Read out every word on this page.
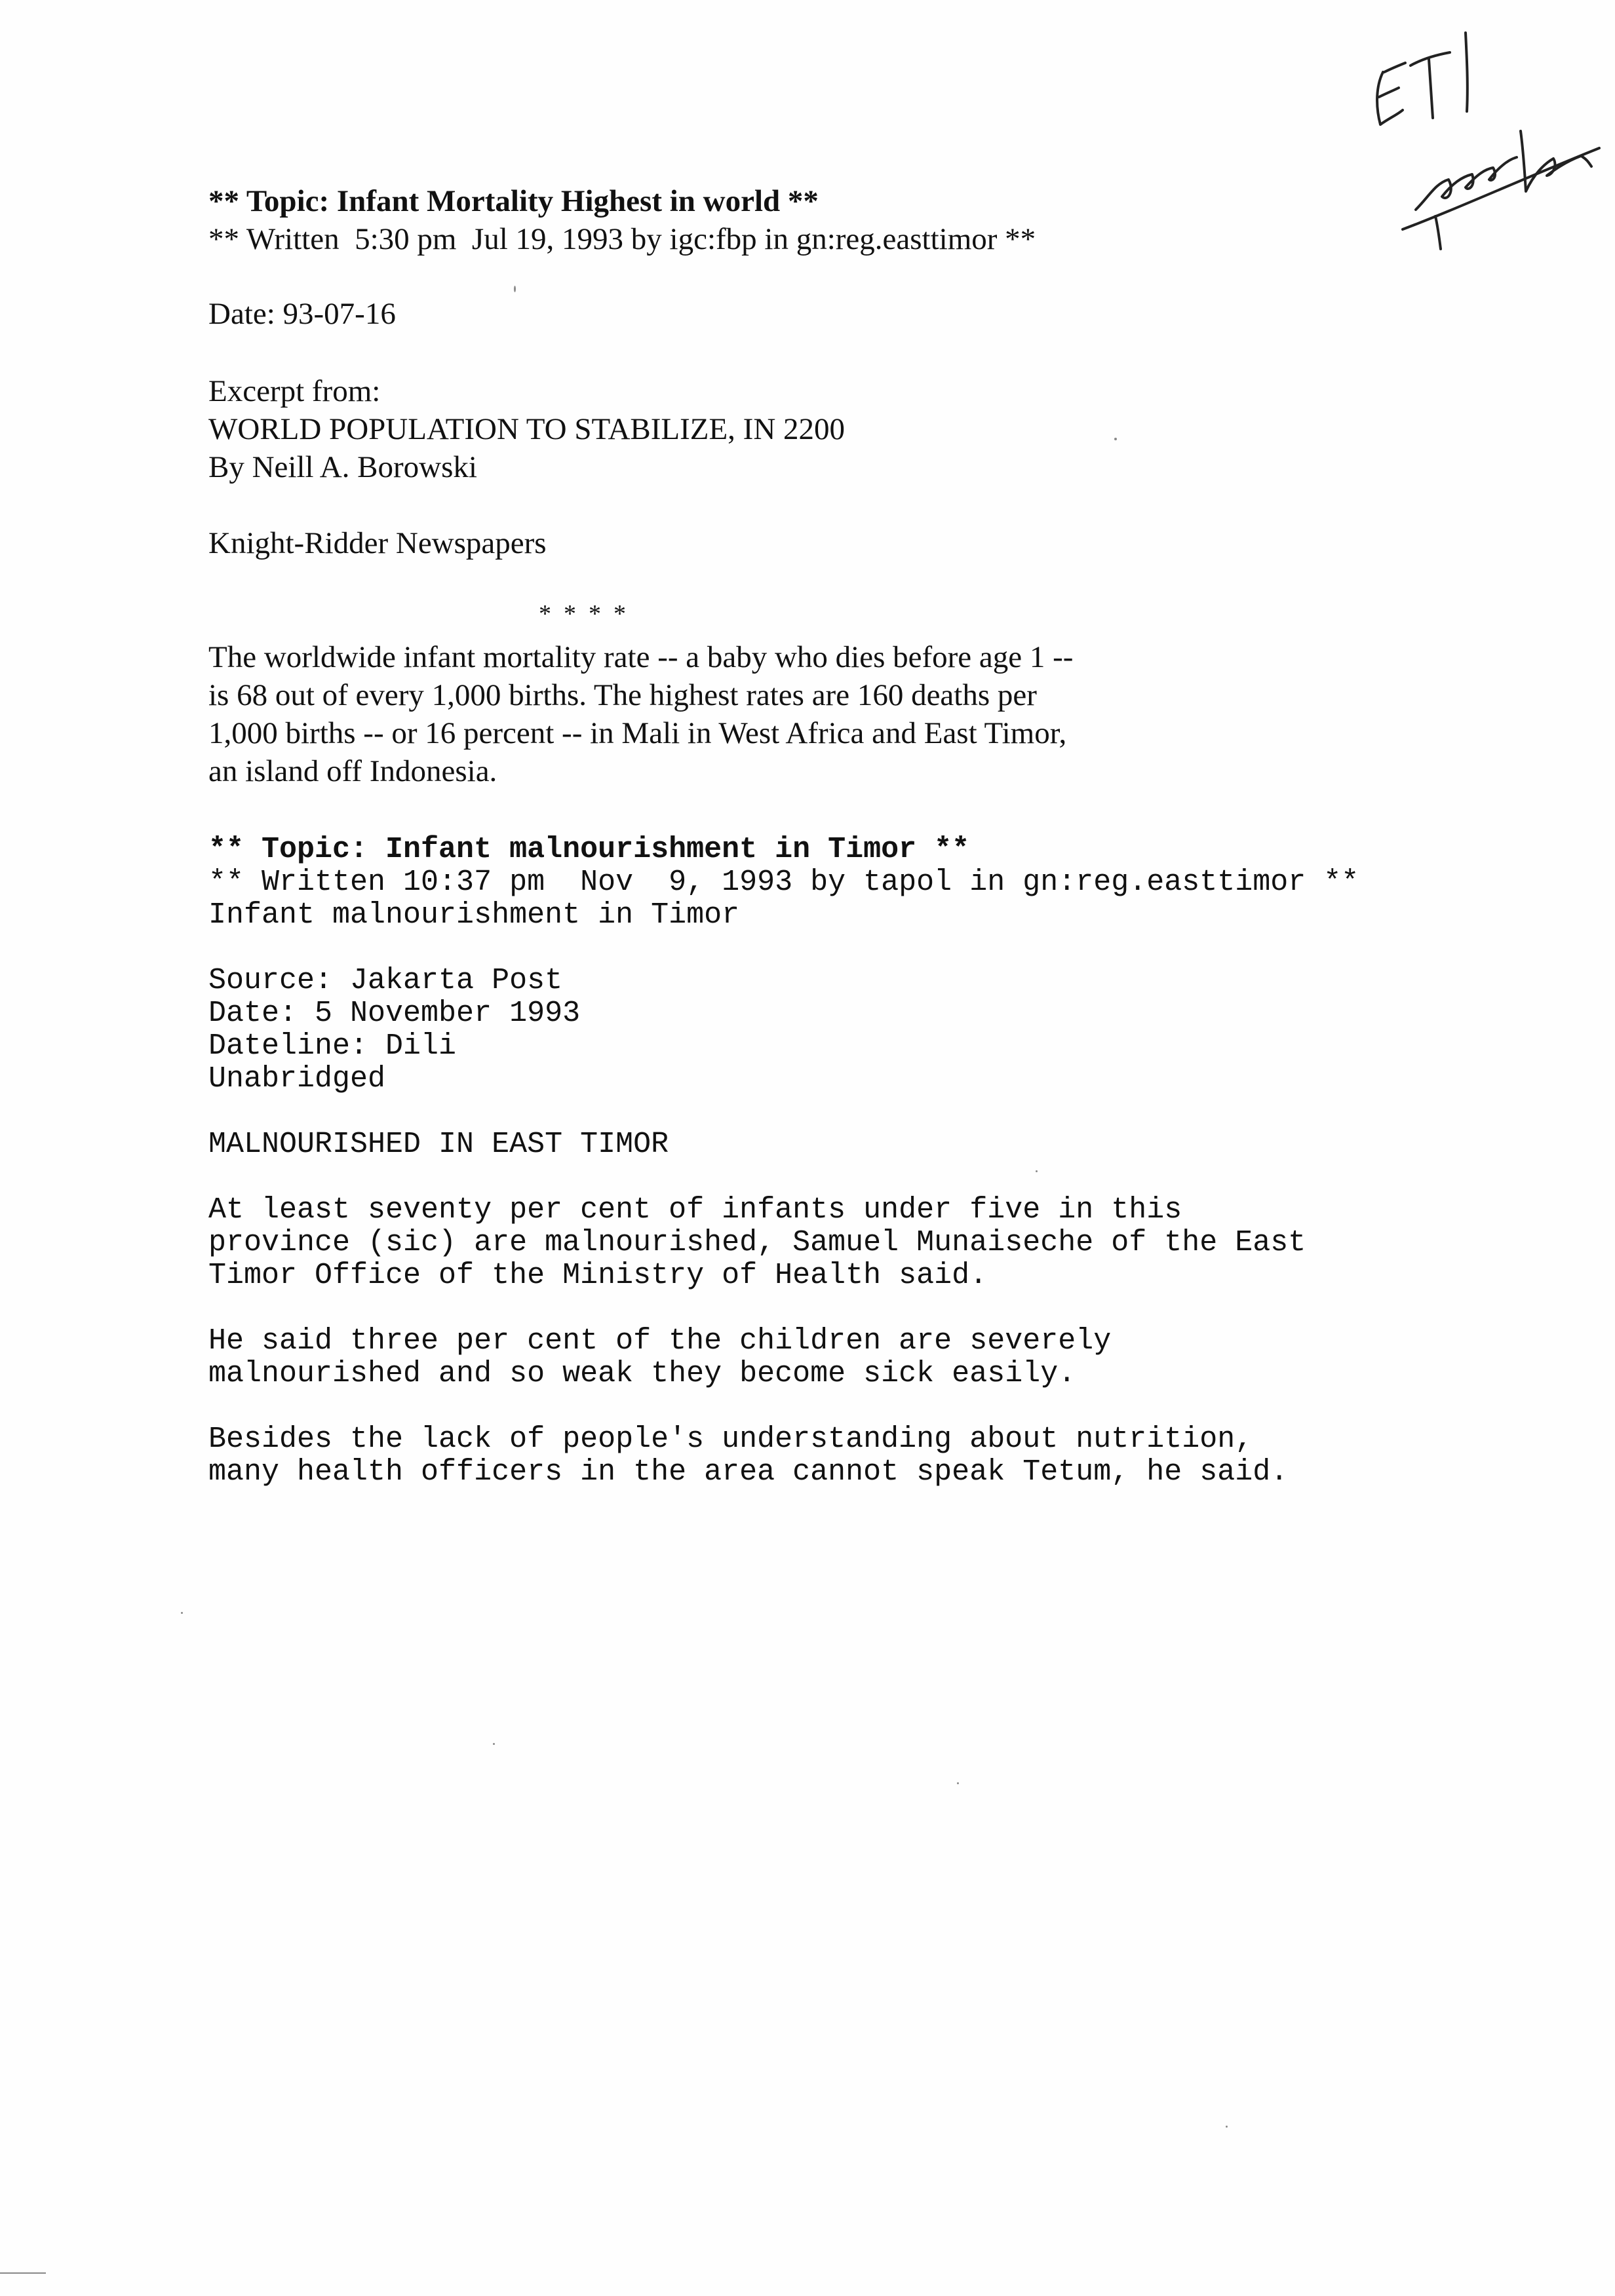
** Topic: Infant Mortality Highest in world **
** Written  5:30 pm  Jul 19, 1993 by igc:fbp in gn:reg.easttimor **
Date: 93-07-16
Excerpt from:
WORLD POPULATION TO STABILIZE, IN 2200
By Neill A. Borowski
Knight-Ridder Newspapers
*  *  *  *
The worldwide infant mortality rate -- a baby who dies before age 1 --
is 68 out of every 1,000 births. The highest rates are 160 deaths per
1,000 births -- or 16 percent -- in Mali in West Africa and East Timor,
an island off Indonesia.
** Topic: Infant malnourishment in Timor **
** Written 10:37 pm  Nov  9, 1993 by tapol in gn:reg.easttimor **
Infant malnourishment in Timor
Source: Jakarta Post
Date: 5 November 1993
Dateline: Dili
Unabridged
MALNOURISHED IN EAST TIMOR
At least seventy per cent of infants under five in this
province (sic) are malnourished, Samuel Munaiseche of the East
Timor Office of the Ministry of Health said.
He said three per cent of the children are severely
malnourished and so weak they become sick easily.
Besides the lack of people's understanding about nutrition,
many health officers in the area cannot speak Tetum, he said.
